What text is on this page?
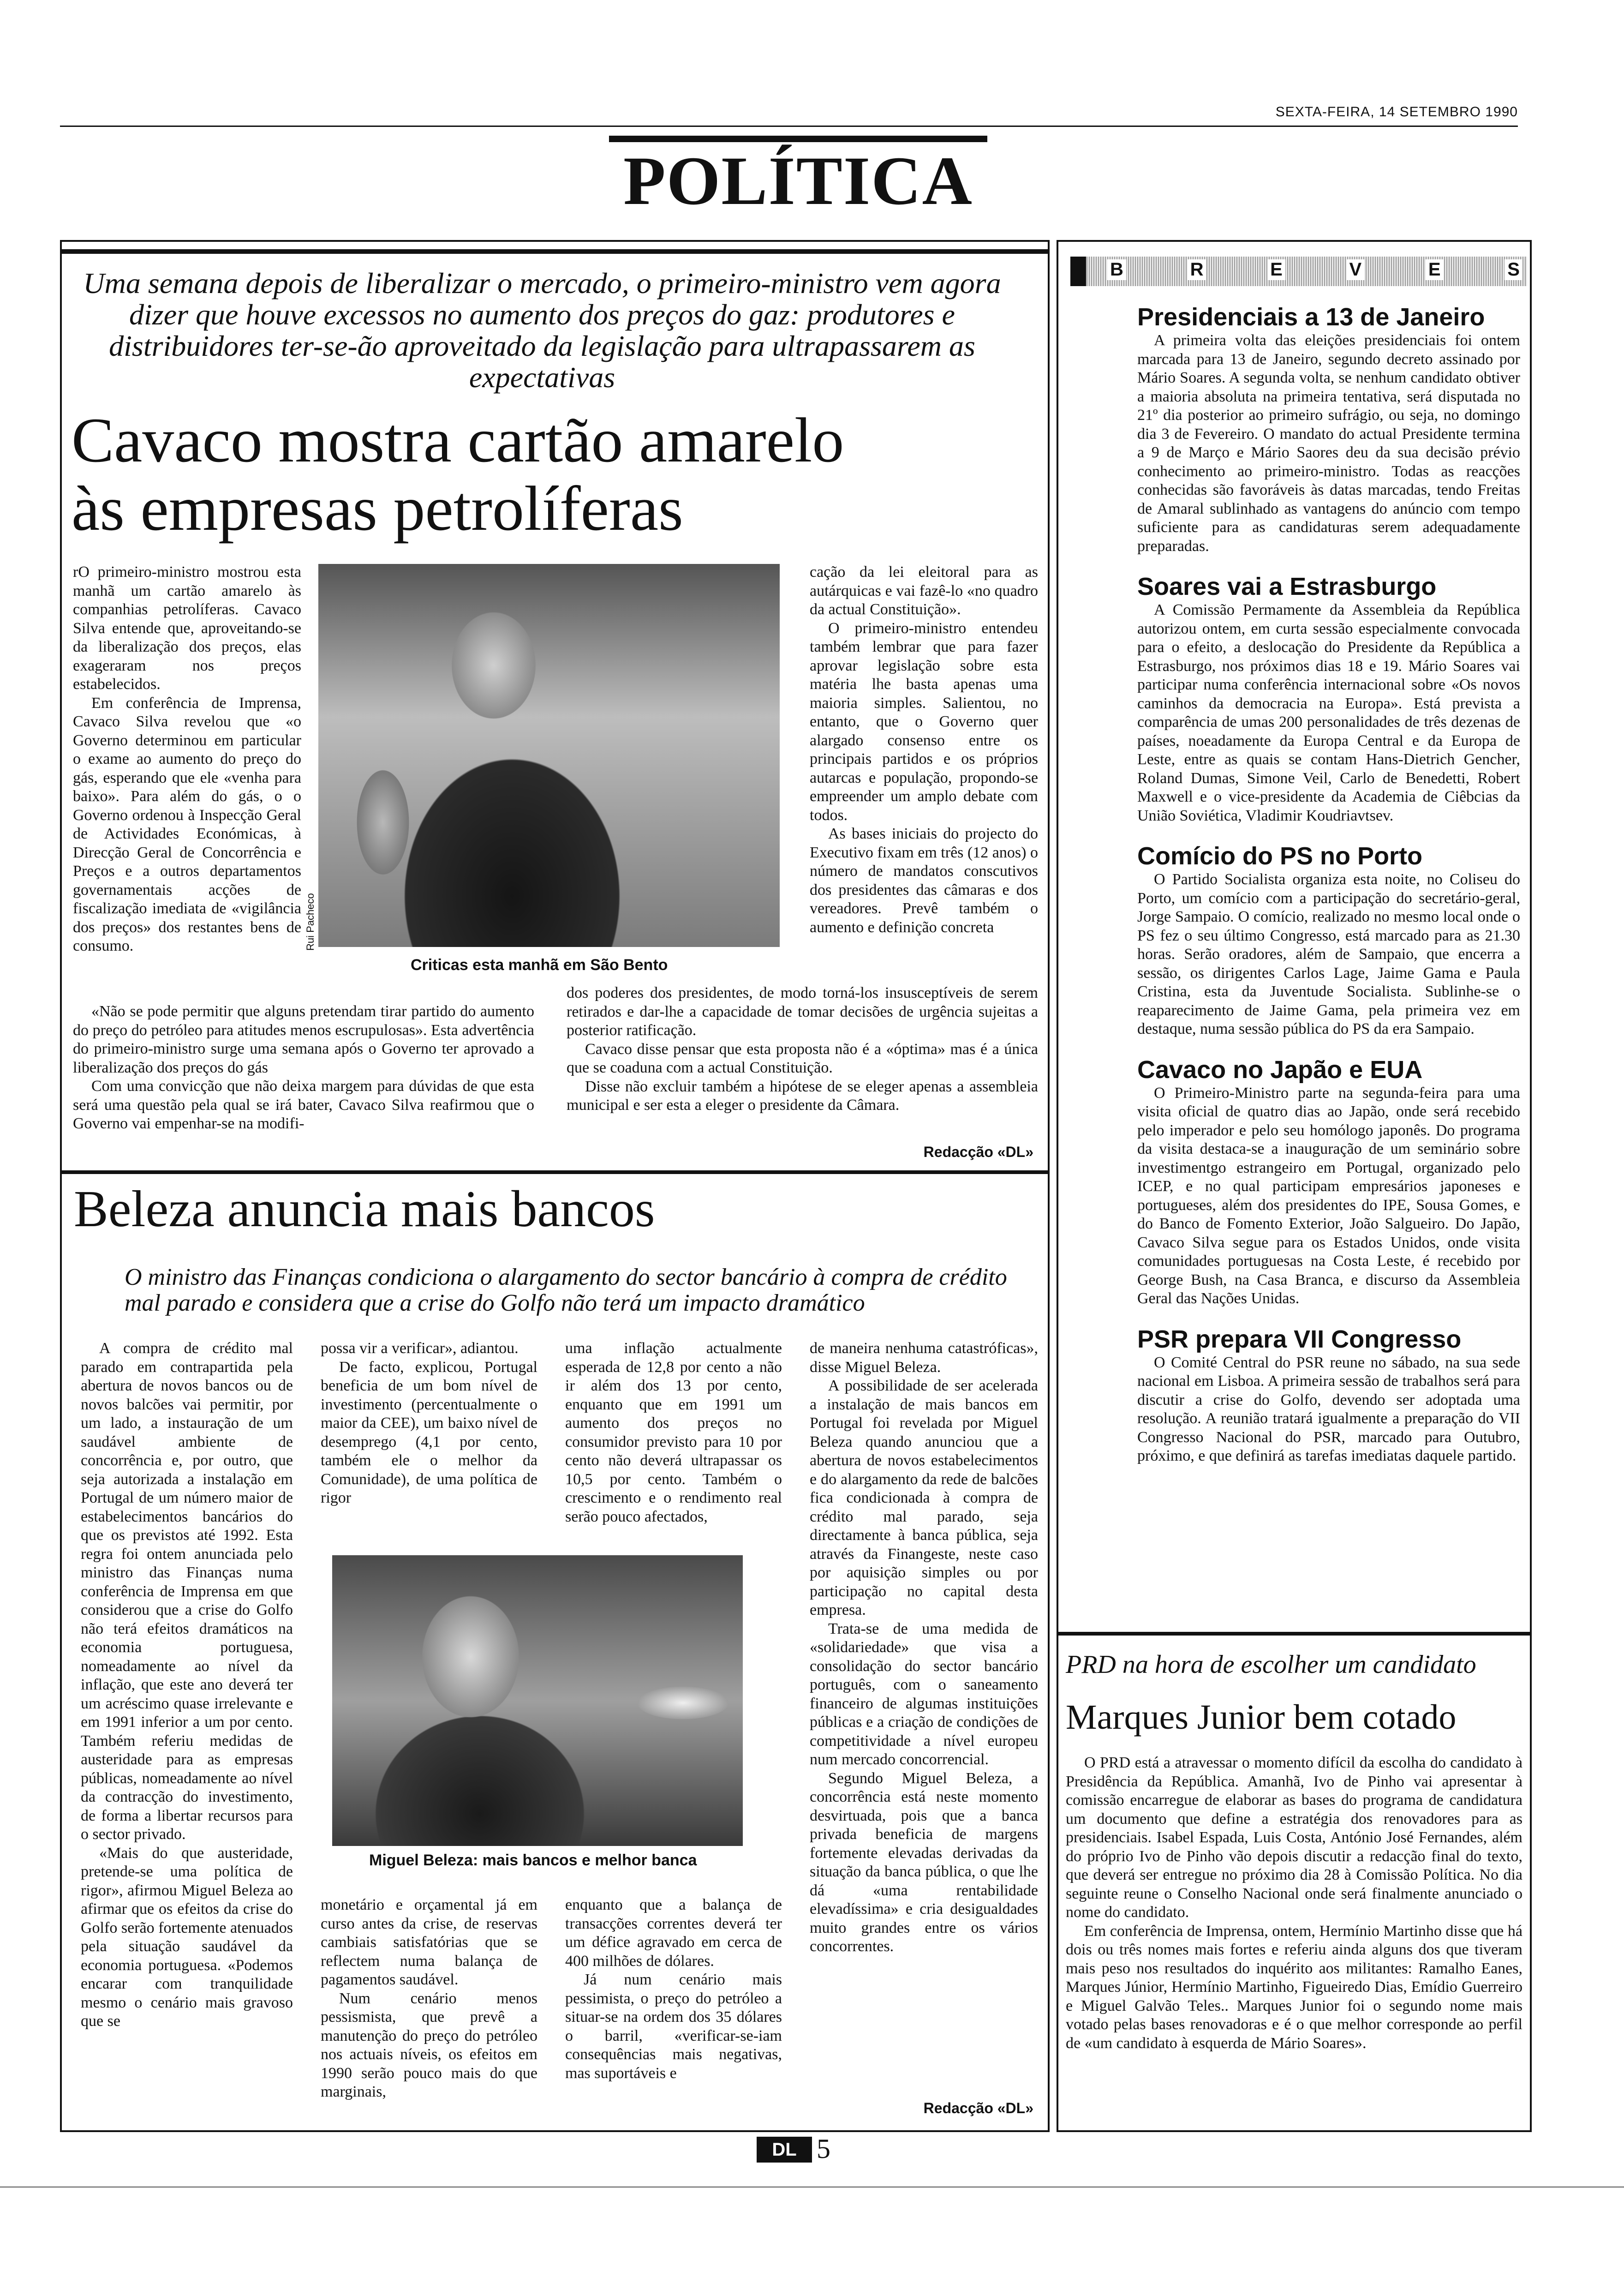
SEXTA-FEIRA, 14 SETEMBRO 1990
POLÍTICA
Uma semana depois de liberalizar o mercado, o primeiro-ministro vem agora dizer que houve excessos no aumento dos preços do gaz: produtores e distribuidores ter-se-ão aproveitado da legislação para ultrapassarem as expectativas
Cavaco mostra cartão amarelo
às empresas petrolíferas

rO primeiro-ministro mostrou esta manhã um cartão amarelo às companhias petrolíferas. Cavaco Silva entende que, aproveitando-se da liberalização dos preços, elas exageraram nos preços estabelecidos.

Em conferência de Imprensa, Cavaco Silva revelou que «o Governo determinou em particular o exame ao aumento do preço do gás, esperando que ele «venha para baixo». Para além do gás, o o Governo ordenou à Inspecção Geral de Actividades Económicas, à Direcção Geral de Concorrência e Preços e a outros departamentos governamentais acções de fiscalização imediata de «vigilância dos preços» dos restantes bens de consumo.	Rui Pacheco
Criticas esta manhã em São Bento

cação da lei eleitoral para as autárquicas e vai fazê-lo «no quadro da actual Constituição».

O primeiro-ministro entendeu também lembrar que para fazer aprovar legislação sobre esta matéria lhe basta apenas uma maioria simples. Salientou, no entanto, que o Governo quer alargado consenso entre os principais partidos e os próprios autarcas e população, propondo-se empreender um amplo debate com todos.

As bases iniciais do projecto do Executivo fixam em três (12 anos) o número de mandatos conscutivos dos presidentes das câmaras e dos vereadores. Prevê também o aumento e definição concreta

«Não se pode permitir que alguns pretendam tirar partido do aumento do preço do petróleo para atitudes menos escrupulosas». Esta advertência do primeiro-ministro surge uma semana após o Governo ter aprovado a liberalização dos preços do gás

Com uma convicção que não deixa margem para dúvidas de que esta será uma questão pela qual se irá bater, Cavaco Silva reafirmou que o Governo vai empenhar-se na modifi-

dos poderes dos presidentes, de modo torná-los insusceptíveis de serem retirados e dar-lhe a capacidade de tomar decisões de urgência sujeitas a posterior ratificação.

Cavaco disse pensar que esta proposta não é a «óptima» mas é a única que se coaduna com a actual Constituição.

Disse não excluir também a hipótese de se eleger apenas a assembleia municipal e ser esta a eleger o presidente da Câmara.

Redacção «DL»
Beleza anuncia mais bancos
O ministro das Finanças condiciona o alargamento do sector bancário à compra de crédito mal parado e considera que a crise do Golfo não terá um impacto dramático

A compra de crédito mal parado em contrapartida pela abertura de novos bancos ou de novos balcões vai permitir, por um lado, a instauração de um saudável ambiente de concorrência e, por outro, que seja autorizada a instalação em Portugal de um número maior de estabelecimentos bancários do que os previstos até 1992. Esta regra foi ontem anunciada pelo ministro das Finanças numa conferência de Imprensa em que considerou que a crise do Golfo não terá efeitos dramáticos na economia portuguesa, nomeadamente ao nível da inflação, que este ano deverá ter um acréscimo quase irrelevante e em 1991 inferior a um por cento. Também referiu medidas de austeridade para as empresas públicas, nomeadamente ao nível da contracção do investimento, de forma a libertar recursos para o sector privado.

«Mais do que austeridade, pretende-se uma política de rigor», afirmou Miguel Beleza ao afirmar que os efeitos da crise do Golfo serão fortemente atenuados pela situação saudável da economia portuguesa. «Podemos encarar com tranquilidade mesmo o cenário mais gravoso que se

possa vir a verificar», adiantou.

De facto, explicou, Portugal beneficia de um bom nível de investimento (percentualmente o maior da CEE), um baixo nível de desemprego (4,1 por cento, também ele o melhor da Comunidade), de uma política de rigor

uma inflação actualmente esperada de 12,8 por cento a não ir além dos 13 por cento, enquanto que em 1991 um aumento dos preços no consumidor previsto para 10 por cento não deverá ultrapassar os 10,5 por cento. Também o crescimento e o rendimento real serão pouco afectados,

Miguel Beleza: mais bancos e melhor banca

monetário e orçamental já em curso antes da crise, de reservas cambiais satisfatórias que se reflectem numa balança de pagamentos saudável.

Num cenário menos pessismista, que prevê a manutenção do preço do petróleo nos actuais níveis, os efeitos em 1990 serão pouco mais do que marginais,

enquanto que a balança de transacções correntes deverá ter um défice agravado em cerca de 400 milhões de dólares.

Já num cenário mais pessimista, o preço do petróleo a situar-se na ordem dos 35 dólares o barril, «verificar-se-iam consequências mais negativas, mas suportáveis e

de maneira nenhuma catastróficas», disse Miguel Beleza.

A possibilidade de ser acelerada a instalação de mais bancos em Portugal foi revelada por Miguel Beleza quando anunciou que a abertura de novos estabelecimentos e do alargamento da rede de balcões fica condicionada à compra de crédito mal parado, seja directamente à banca pública, seja através da Finangeste, neste caso por aquisição simples ou por participação no capital desta empresa.

Trata-se de uma medida de «solidariedade» que visa a consolidação do sector bancário português, com o saneamento financeiro de algumas instituições públicas e a criação de condições de competitividade a nível europeu num mercado concorrencial.

Segundo Miguel Beleza, a concorrência está neste momento desvirtuada, pois que a banca privada beneficia de margens fortemente elevadas derivadas da situação da banca pública, o que lhe dá «uma rentabilidade elevadíssima» e cria desigualdades muito grandes entre os vários concorrentes.

Redacção «DL»
B	R	E	V	E	S
Presidenciais a 13 de Janeiro

A primeira volta das eleições presidenciais foi ontem marcada para 13 de Janeiro, segundo decreto assinado por Mário Soares. A segunda volta, se nenhum candidato obtiver a maioria absoluta na primeira tentativa, será disputada no 21º dia posterior ao primeiro sufrágio, ou seja, no domingo dia 3 de Fevereiro. O mandato do actual Presidente termina a 9 de Março e Mário Saores deu da sua decisão prévio conhecimento ao primeiro-ministro. Todas as reacções conhecidas são favoráveis às datas marcadas, tendo Freitas de Amaral sublinhado as vantagens do anúncio com tempo suficiente para as candidaturas serem adequadamente preparadas.

Soares vai a Estrasburgo

A Comissão Permamente da Assembleia da República autorizou ontem, em curta sessão especialmente convocada para o efeito, a deslocação do Presidente da República a Estrasburgo, nos próximos dias 18 e 19. Mário Soares vai participar numa conferência internacional sobre «Os novos caminhos da democracia na Europa». Está prevista a comparência de umas 200 personalidades de três dezenas de países, noeadamente da Europa Central e da Europa de Leste, entre as quais se contam Hans-Dietrich Gencher, Roland Dumas, Simone Veil, Carlo de Benedetti, Robert Maxwell e o vice-presidente da Academia de Ciêbcias da União Soviética, Vladimir Koudriavtsev.

Comício do PS no Porto

O Partido Socialista organiza esta noite, no Coliseu do Porto, um comício com a participação do secretário-geral, Jorge Sampaio. O comício, realizado no mesmo local onde o PS fez o seu último Congresso, está marcado para as 21.30 horas. Serão oradores, além de Sampaio, que encerra a sessão, os dirigentes Carlos Lage, Jaime Gama e Paula Cristina, esta da Juventude Socialista. Sublinhe-se o reaparecimento de Jaime Gama, pela primeira vez em destaque, numa sessão pública do PS da era Sampaio.

Cavaco no Japão e EUA

O Primeiro-Ministro parte na segunda-feira para uma visita oficial de quatro dias ao Japão, onde será recebido pelo imperador e pelo seu homólogo japonês. Do programa da visita destaca-se a inauguração de um seminário sobre investimentgo estrangeiro em Portugal, organizado pelo ICEP, e no qual participam empresários japoneses e portugueses, além dos presidentes do IPE, Sousa Gomes, e do Banco de Fomento Exterior, João Salgueiro. Do Japão, Cavaco Silva segue para os Estados Unidos, onde visita comunidades portuguesas na Costa Leste, é recebido por George Bush, na Casa Branca, e discurso da Assembleia Geral das Nações Unidas.

PSR prepara VII Congresso

O Comité Central do PSR reune no sábado, na sua sede nacional em Lisboa. A primeira sessão de trabalhos será para discutir a crise do Golfo, devendo ser adoptada uma resolução. A reunião tratará igualmente a preparação do VII Congresso Nacional do PSR, marcado para Outubro, próximo, e que definirá as tarefas imediatas daquele partido.

PRD na hora de escolher um candidato
Marques Junior bem cotado

O PRD está a atravessar o momento difícil da escolha do candidato à Presidência da República. Amanhã, Ivo de Pinho vai apresentar à comissão encarregue de elaborar as bases do programa de candidatura um documento que define a estratégia dos renovadores para as presidenciais. Isabel Espada, Luis Costa, António José Fernandes, além do próprio Ivo de Pinho vão depois discutir a redacção final do texto, que deverá ser entregue no próximo dia 28 à Comissão Política. No dia seguinte reune o Conselho Nacional onde será finalmente anunciado o nome do candidato.

Em conferência de Imprensa, ontem, Hermínio Martinho disse que há dois ou três nomes mais fortes e referiu ainda alguns dos que tiveram mais peso nos resultados do inquérito aos militantes: Ramalho Eanes, Marques Júnior, Hermínio Martinho, Figueiredo Dias, Emídio Guerreiro e Miguel Galvão Teles.. Marques Junior foi o segundo nome mais votado pelas bases renovadoras e é o que melhor corresponde ao perfil de «um candidato à esquerda de Mário Soares».

DL 5
